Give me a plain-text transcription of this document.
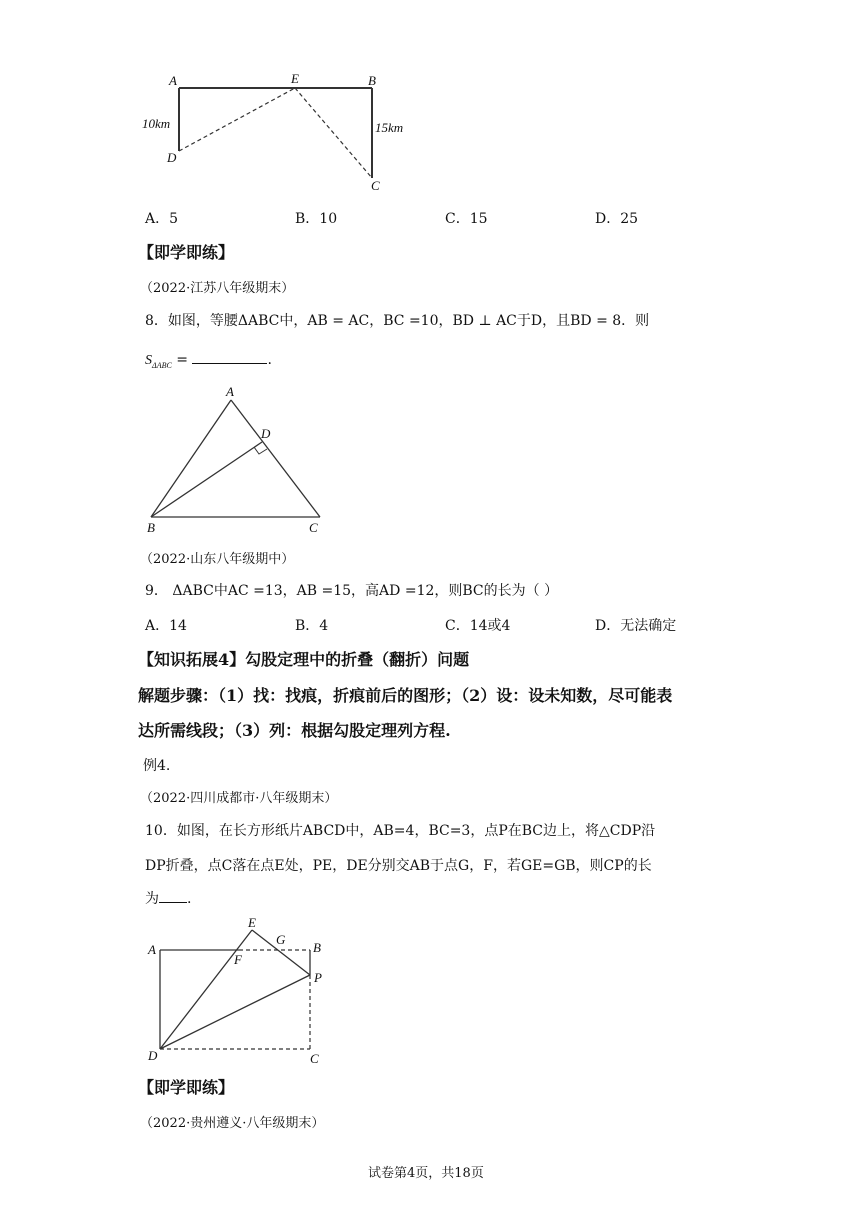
A	E	B
D
C
10km	15km
A．5	B．10	C．15	D．25
【即学即练】
（2022·江苏八年级期末）
8．如图，等腰ΔABC中，AB = AC，BC =10，BD ⊥ AC于D，且BD = 8．则
$S_{\Delta ABC}$ =	.
A
D
B	C
（2022·山东八年级期中）
9． ΔABC中AC =13，AB =15，高AD =12，则BC的长为（ ）
A．14	B．4	C．14或4	D．无法确定
【知识拓展4】勾股定理中的折叠（翻折）问题
解题步骤：（1）找：找痕，折痕前后的图形；（2）设：设未知数，尽可能表
达所需线段；（3）列：根据勾股定理列方程.
例4.
（2022·四川成都市·八年级期末）
10．如图，在长方形纸片ABCD中，AB=4，BC=3，点P在BC边上，将△CDP沿
DP折叠，点C落在点E处，PE，DE分别交AB于点G，F，若GE=GB，则CP的长
为 .
E
G
A	B
F
P
D	C
【即学即练】
（2022·贵州遵义·八年级期末）
试卷第4页，共18页
